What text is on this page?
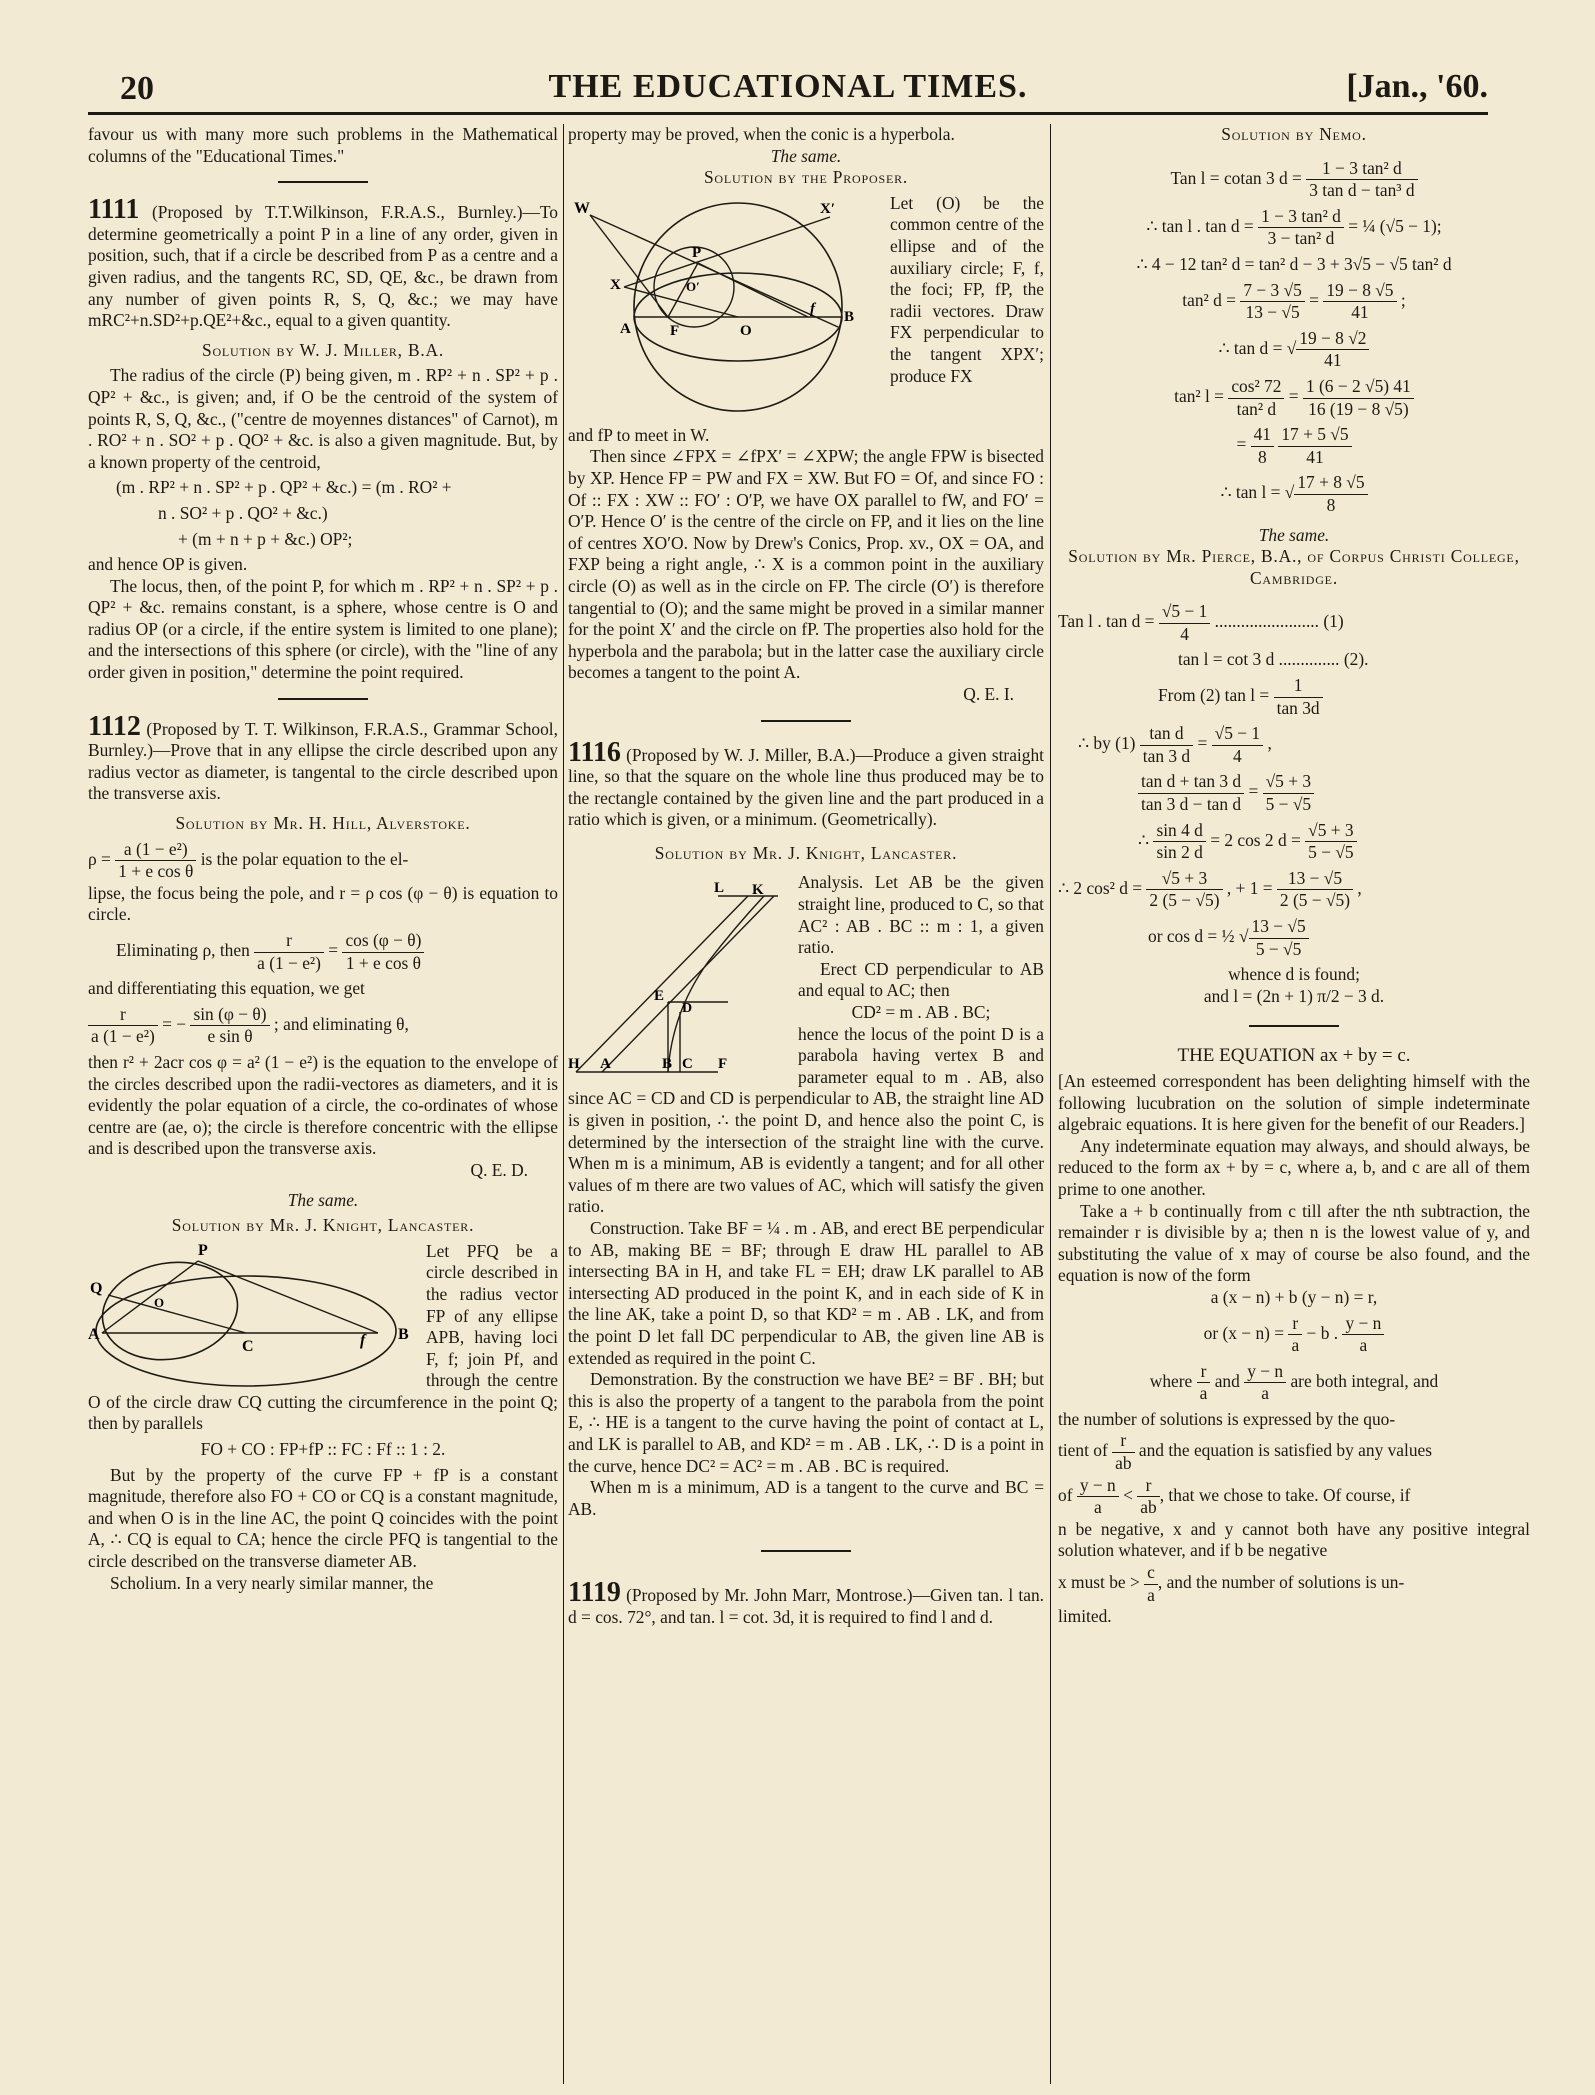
20	THE EDUCATIONAL TIMES.	[Jan., '60.

favour us with many more such problems in the Mathematical columns of the "Educational Times."

1111 (Proposed by T.T.Wilkinson, F.R.A.S., Burnley.)—To determine geometrically a point P in a line of any order, given in position, such, that if a circle be described from P as a centre and a given radius, and the tangents RC, SD, QE, &c., be drawn from any number of given points R, S, Q, &c.; we may have mRC²+n.SD²+p.QE²+&c., equal to a given quantity.

Solution by W. J. Miller, B.A.

The radius of the circle (P) being given, m . RP² + n . SP² + p . QP² + &c., is given; and, if O be the centroid of the system of points R, S, Q, &c., ("centre de moyennes distances" of Carnot), m . RO² + n . SO² + p . QO² + &c. is also a given magnitude. But, by a known property of the centroid,

(m . RP² + n . SP² + p . QP² + &c.) = (m . RO² +

n . SO² + p . QO² + &c.)

+ (m + n + p + &c.) OP²;

and hence OP is given.

The locus, then, of the point P, for which m . RP² + n . SP² + p . QP² + &c. remains constant, is a sphere, whose centre is O and radius OP (or a circle, if the entire system is limited to one plane); and the intersections of this sphere (or circle), with the "line of any order given in position," determine the point required.

1112 (Proposed by T. T. Wilkinson, F.R.A.S., Grammar School, Burnley.)—Prove that in any ellipse the circle described upon any radius vector as diameter, is tangental to the circle described upon the transverse axis.

Solution by Mr. H. Hill, Alverstoke.

$\rho = \frac{\text{a (1 − e²)}}{\text{1 + e cos θ}}$ is the polar equation to the el-

lipse, the focus being the pole, and r = ρ cos (φ − θ) is equation to circle.

Eliminating ρ, then $\frac{r}{\text{a (1 − e²)}} = \frac{\cos (\varphi - \theta)}{\text{1 + e cos θ}}$

and differentiating this equation, we get

$\frac{r}{\text{a (1 − e²)}}$ = − $\frac{\sin (\varphi - \theta)}{\text{e sin θ}}$ ; and eliminating θ,

then r² + 2acr cos φ = a² (1 − e²) is the equation to the envelope of the circles described upon the radii-vectores as diameters, and it is evidently the polar equation of a circle, the co-ordinates of whose centre are (ae, o); the circle is therefore concentric with the ellipse and is described upon the transverse axis.

Q. E. D.

The same.

Solution by Mr. J. Knight, Lancaster.

P
Q
O
A
C	f B

Let PFQ be a circle described in the radius vector FP of any ellipse APB, having loci F, f; join Pf, and through the centre O of the circle draw CQ cutting the circumference in the point Q; then by parallels

FO + CO : FP+fP :: FC : Ff :: 1 : 2.

But by the property of the curve FP + fP is a constant magnitude, therefore also FO + CO or CQ is a constant magnitude, and when O is in the line AC, the point Q coincides with the point A, ∴ CQ is equal to CA; hence the circle PFQ is tangential to the circle described on the transverse diameter AB.

Scholium. In a very nearly similar manner, the

property may be proved, when the conic is a hyperbola.

The same.

Solution by the Proposer.

W
X
X′
P
O′
A	F	O
f B

Let (O) be the common centre of the ellipse and of the auxiliary circle; F, f, the foci; FP, fP, the radii vectores. Draw FX perpendicular to the tangent XPX′; produce FX

and fP to meet in W.

Then since ∠FPX = ∠fPX′ = ∠XPW; the angle FPW is bisected by XP. Hence FP = PW and FX = XW. But FO = Of, and since FO : Of :: FX : XW :: FO′ : O′P, we have OX parallel to fW, and FO′ = O′P. Hence O′ is the centre of the circle on FP, and it lies on the line of centres XO′O. Now by Drew's Conics, Prop. xv., OX = OA, and FXP being a right angle, ∴ X is a common point in the auxiliary circle (O) as well as in the circle on FP. The circle (O′) is therefore tangential to (O); and the same might be proved in a similar manner for the point X′ and the circle on fP. The properties also hold for the hyperbola and the parabola; but in the latter case the auxiliary circle becomes a tangent to the point A.

Q. E. I.

1116 (Proposed by W. J. Miller, B.A.)—Produce a given straight line, so that the square on the whole line thus produced may be to the rectangle contained by the given line and the part produced in a ratio which is given, or a minimum. (Geometrically).

Solution by Mr. J. Knight, Lancaster.

L K
E
D
H A	B C F

Analysis. Let AB be the given straight line, produced to C, so that AC² : AB . BC :: m : 1, a given ratio.

Erect CD perpendicular to AB and equal to AC; then

CD² = m . AB . BC;

hence the locus of the point D is a parabola having vertex B and parameter equal to m . AB, also since AC = CD and CD is perpendicular to AB, the straight line AD is given in position, ∴ the point D, and hence also the point C, is determined by the intersection of the straight line with the curve. When m is a minimum, AB is evidently a tangent; and for all other values of m there are two values of AC, which will satisfy the given ratio.

Construction. Take BF = ¼ . m . AB, and erect BE perpendicular to AB, making BE = BF; through E draw HL parallel to AB intersecting BA in H, and take FL = EH; draw LK parallel to AB intersecting AD produced in the point K, and in each side of K in the line AK, take a point D, so that KD² = m . AB . LK, and from the point D let fall DC perpendicular to AB, the given line AB is extended as required in the point C.

Demonstration. By the construction we have BE² = BF . BH; but this is also the property of a tangent to the parabola from the point E, ∴ HE is a tangent to the curve having the point of contact at L, and LK is parallel to AB, and KD² = m . AB . LK, ∴ D is a point in the curve, hence DC² = AC² = m . AB . BC is required.

When m is a minimum, AD is a tangent to the curve and BC = AB.

1119 (Proposed by Mr. John Marr, Montrose.)—Given tan. l tan. d = cos. 72°, and tan. l = cot. 3d, it is required to find l and d.

Solution by Nemo.

Tan l = cotan 3 $d = \frac{\text{1 − 3 tan² d}}{\text{3 tan d − tan³ d}}$

∴ tan l . $\tan d = \frac{\text{1 − 3 tan² d}}{\text{3 − tan² d}}$ = ¼ (√5 − 1);

∴ 4 − 12 tan² d = tan² d − 3 + 3√5 − √5 tan² d

tan² $d = \frac{7 - 3 √5}{13 - √5} = \frac{19 - 8 √5}{41}$ ;

∴ tan d = √ $\frac{19 - 8 √2}{41}$

tan² $l = \frac{\text{cos² 72}}{\text{tan² d}} = \frac{1 (6 - 2 √5) 41}{16 (19 - 8 √5)}$

= $\frac{41}{8}$
$\frac{17 + 5 √5}{41}$

∴ tan l = √ $\frac{17 + 8 √5}{8}$

The same.

Solution by Mr. Pierce, B.A., of Corpus Christi College, Cambridge.

Tan l . $\tan d = \frac{√5 - 1}{4}$ ........................ (1)

tan l = cot 3 d .............. (2).

From (2) $\tan l = \frac{1}{\tan 3d}$

∴ by $(1) \frac{\text{tan d}}{\tan 3 d} = \frac{√5 - 1}{4}$ ,

$\frac{\text{tan d + tan 3 d}}{\text{tan 3 d − tan d}} = \frac{√5 + 3}{5 - √5}$

∴ $\frac{\sin 4 d}{\sin 2 d} = 2$ cos 2 $d = \frac{√5 + 3}{5 - √5}$

∴ 2 cos² $d = \frac{√5 + 3}{2 (5 - √5)}$ , + $1 = \frac{13 - √5}{2 (5 - √5)}$ ,

or cos d = ½ √ $\frac{13 - √5}{5 - √5}$

whence d is found;

and l = (2n + 1) π/2 − 3 d.

THE EQUATION ax + by = c.

[An esteemed correspondent has been delighting himself with the following lucubration on the solution of simple indeterminate algebraic equations. It is here given for the benefit of our Readers.]

Any indeterminate equation may always, and should always, be reduced to the form ax + by = c, where a, b, and c are all of them prime to one another.

Take a + b continually from c till after the nth subtraction, the remainder r is divisible by a; then n is the lowest value of y, and substituting the value of x may of course be also found, and the equation is now of the form

a (x − n) + b (y − n) = r,

or $(x - n) = \frac{r}{a} - b$ . $\frac{y - n}{a}$

where $\frac{r}{a}$ and $\frac{y - n}{a}$ are both integral, and

the number of solutions is expressed by the quo-

tient of $\frac{r}{ab}$ and the equation is satisfied by any values

of $\frac{y - n}{a} < \frac{r}{ab}$ , that we chose to take. Of course, if

n be negative, x and y cannot both have any positive integral solution whatever, and if b be negative

x must be > $\frac{c}{a}$ , and the number of solutions is un-

limited.
